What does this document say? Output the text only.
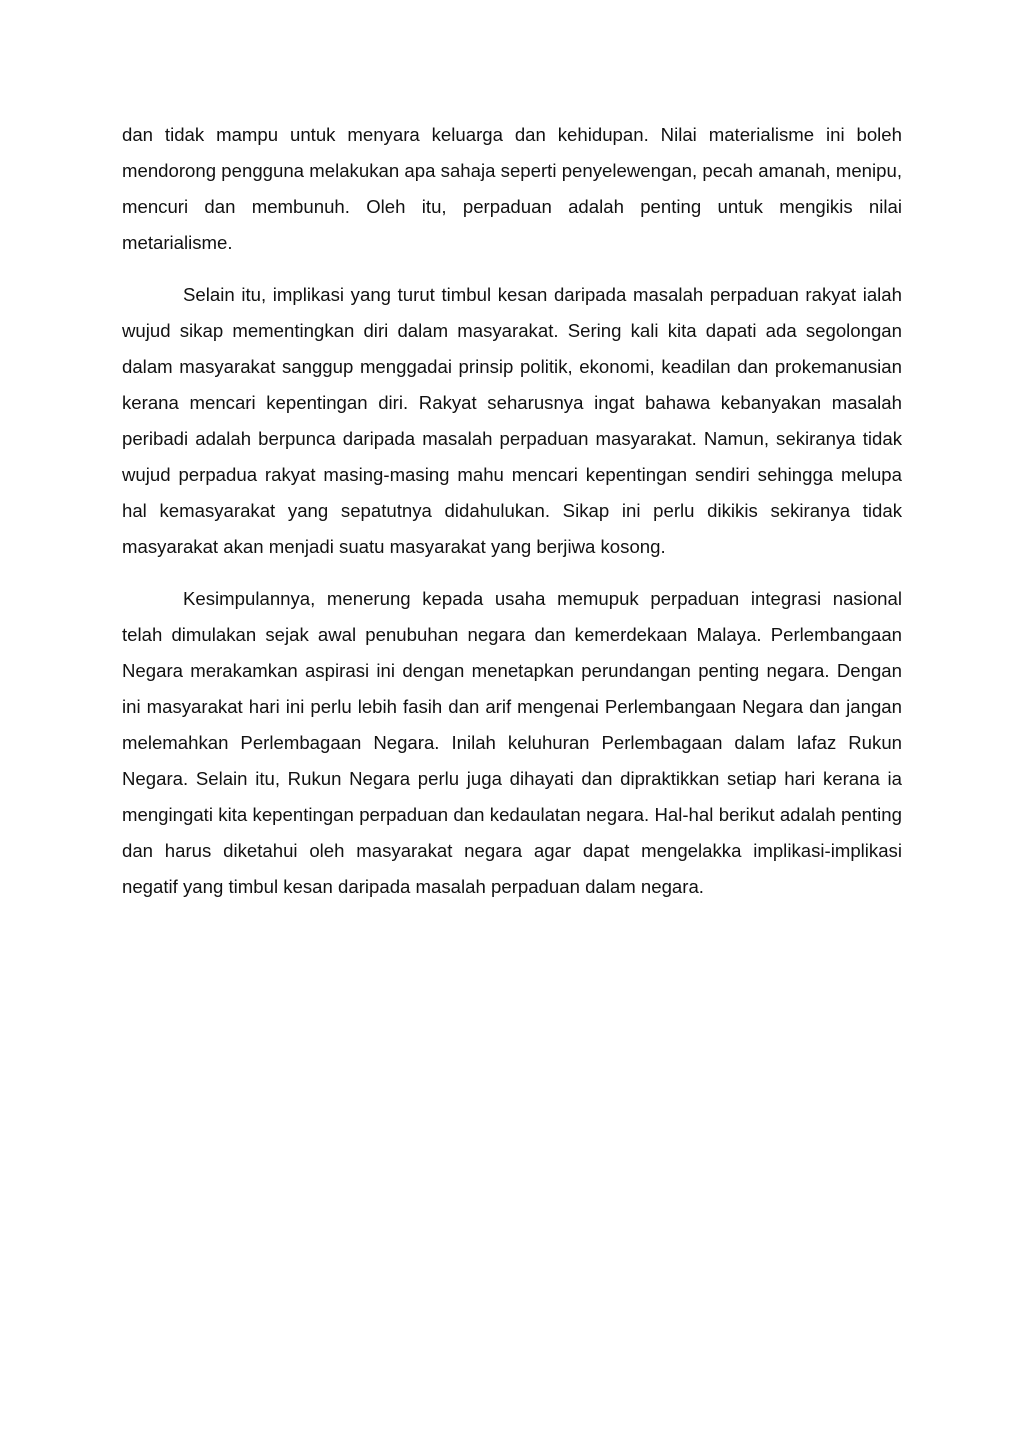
dan tidak mampu untuk menyara keluarga dan kehidupan. Nilai materialisme ini boleh mendorong pengguna melakukan apa sahaja seperti penyelewengan, pecah amanah, menipu, mencuri dan membunuh. Oleh itu, perpaduan adalah penting untuk mengikis nilai metarialisme.

Selain itu, implikasi yang turut timbul kesan daripada masalah perpaduan rakyat ialah wujud sikap mementingkan diri dalam masyarakat. Sering kali kita dapati ada segolongan dalam masyarakat sanggup menggadai prinsip politik, ekonomi, keadilan dan prokemanusian kerana mencari kepentingan diri. Rakyat seharusnya ingat bahawa kebanyakan masalah peribadi adalah berpunca daripada masalah perpaduan masyarakat. Namun, sekiranya tidak wujud perpadua rakyat masing-masing mahu mencari kepentingan sendiri sehingga melupa hal kemasyarakat yang sepatutnya didahulukan. Sikap ini perlu dikikis sekiranya tidak masyarakat akan menjadi suatu masyarakat yang berjiwa kosong.

Kesimpulannya, menerung kepada usaha memupuk perpaduan integrasi nasional telah dimulakan sejak awal penubuhan negara dan kemerdekaan Malaya. Perlembangaan Negara merakamkan aspirasi ini dengan menetapkan perundangan penting negara. Dengan ini masyarakat hari ini perlu lebih fasih dan arif mengenai Perlembangaan Negara dan jangan melemahkan Perlembagaan Negara. Inilah keluhuran Perlembagaan dalam lafaz Rukun Negara. Selain itu, Rukun Negara perlu juga dihayati dan dipraktikkan setiap hari kerana ia mengingati kita kepentingan perpaduan dan kedaulatan negara. Hal-hal berikut adalah penting dan harus diketahui oleh masyarakat negara agar dapat mengelakka implikasi-implikasi negatif yang timbul kesan daripada masalah perpaduan dalam negara.
